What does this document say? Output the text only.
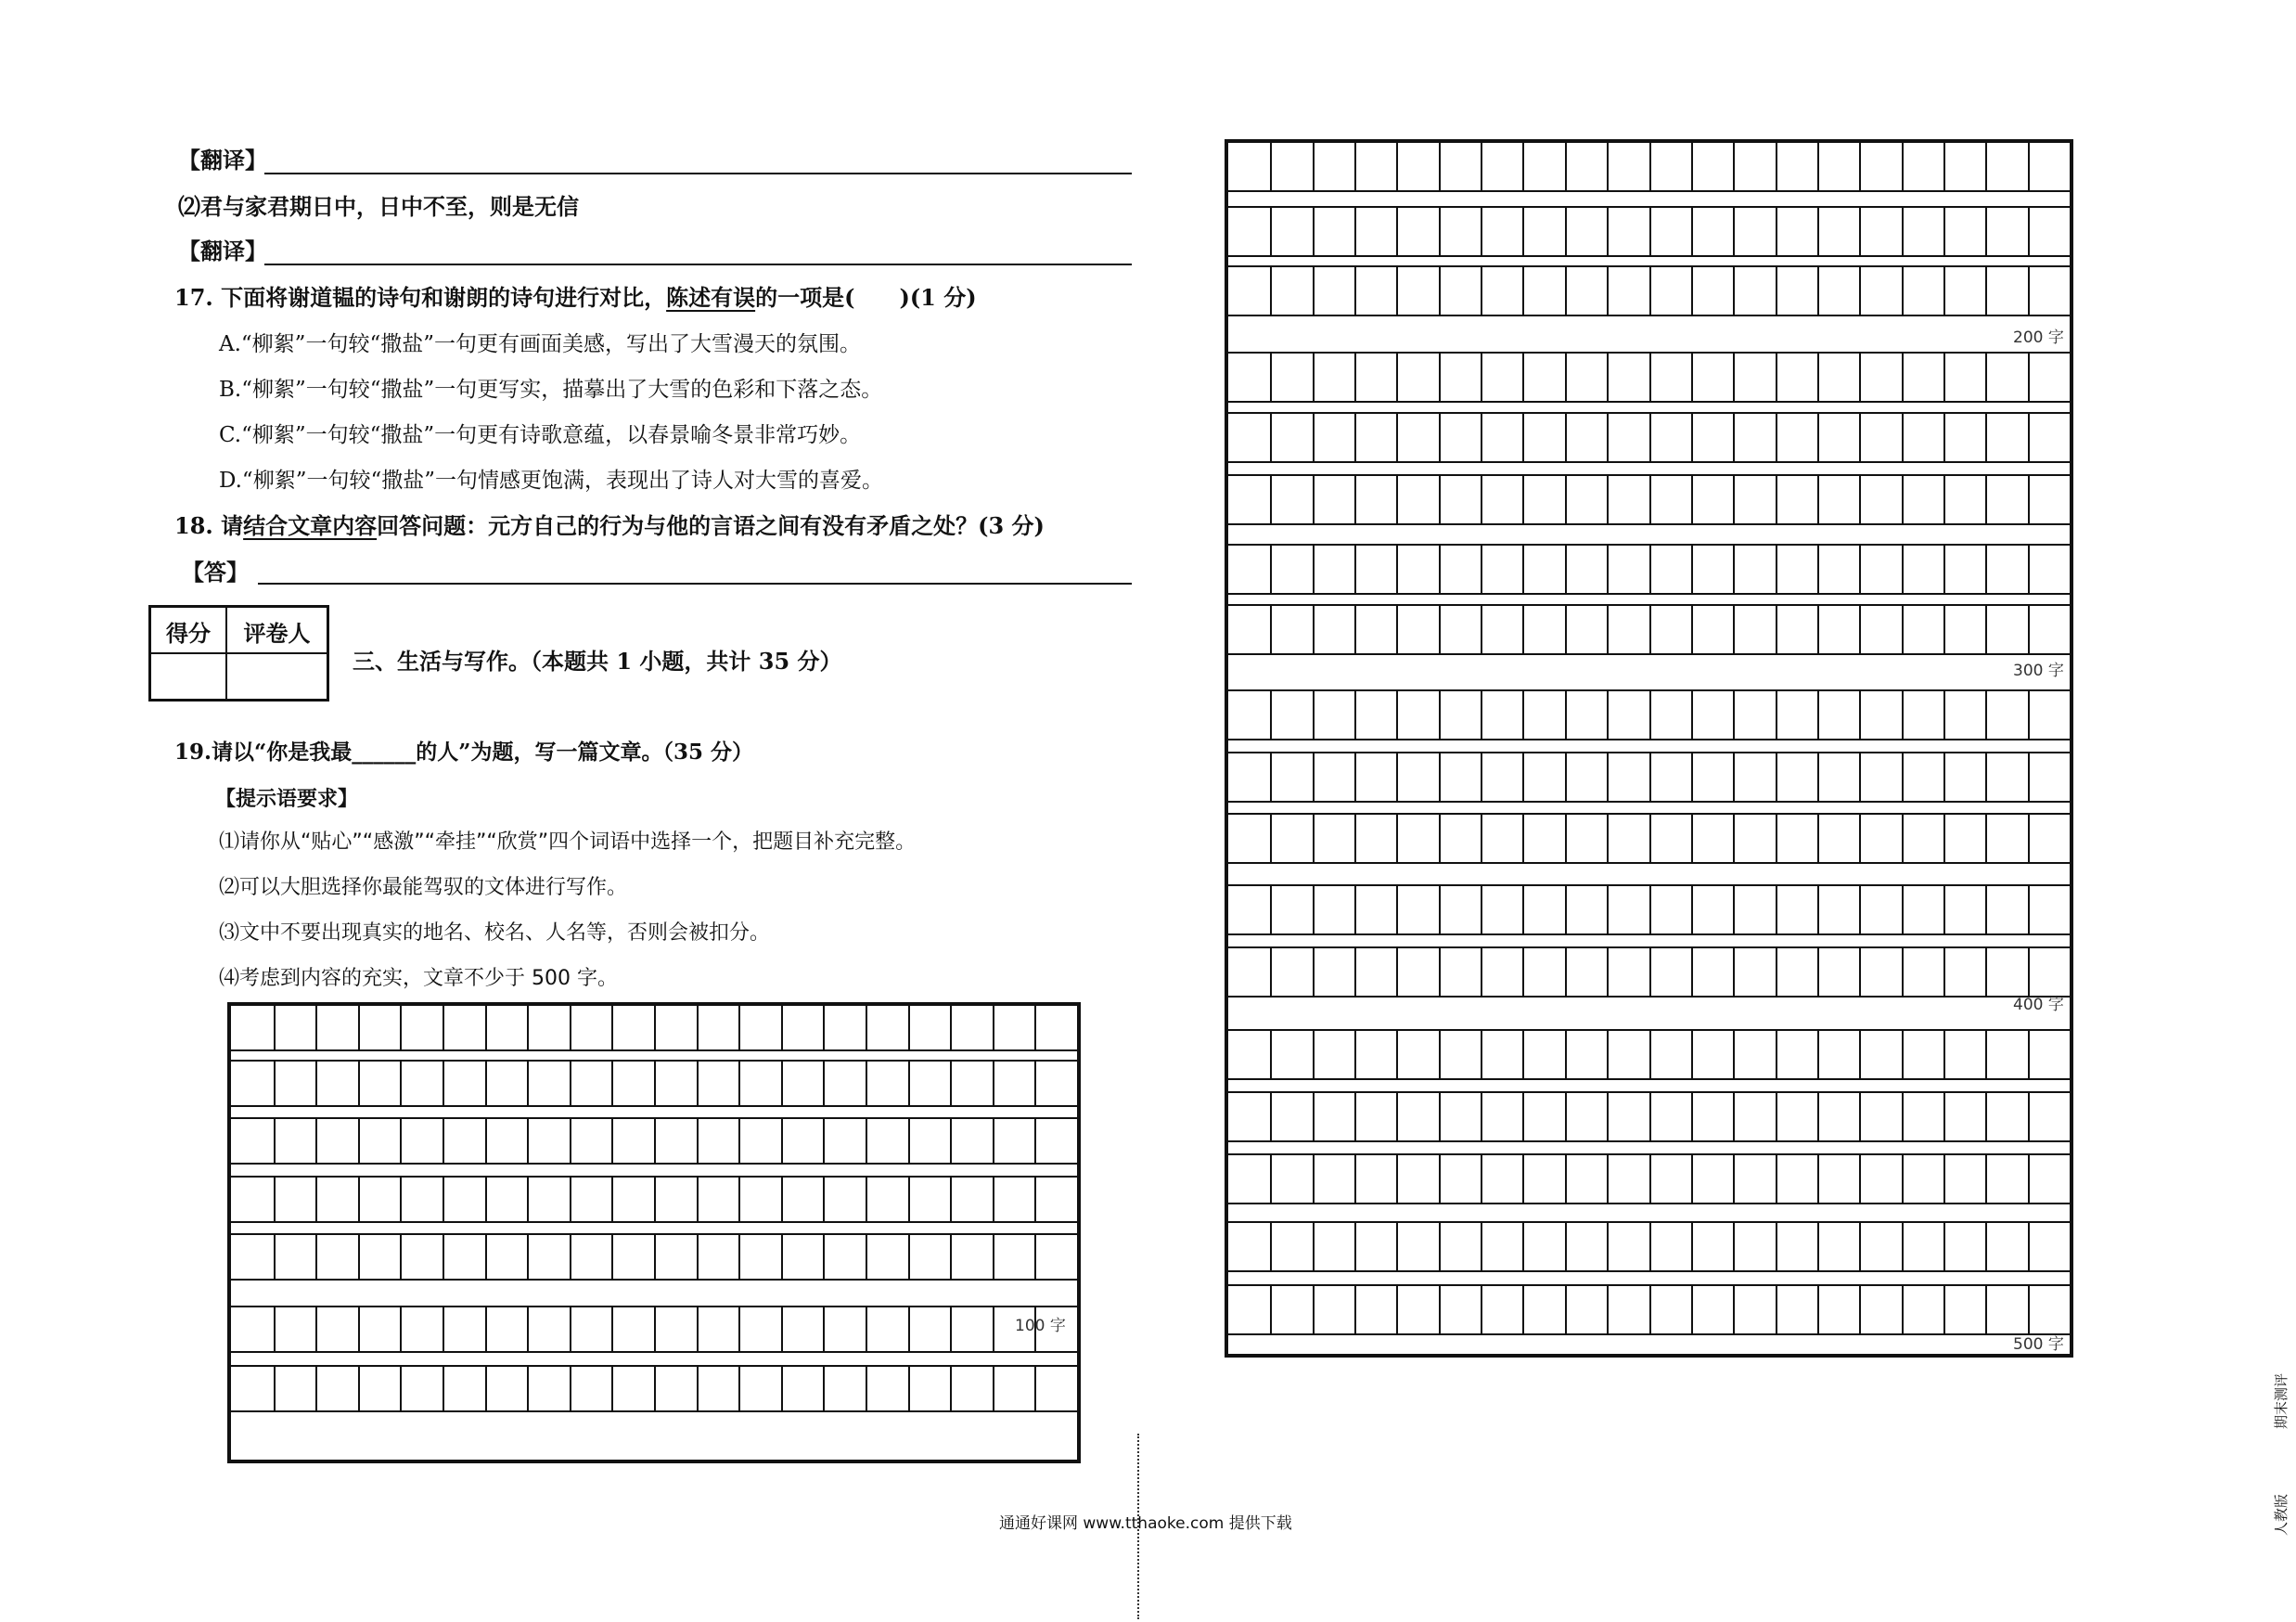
【翻译】
⑵君与家君期日中，日中不至，则是无信
【翻译】
17. 下面将谢道韫的诗句和谢朗的诗句进行对比，陈述有误的一项是(　　)(1 分)
A.“柳絮”一句较“撒盐”一句更有画面美感，写出了大雪漫天的氛围。
B.“柳絮”一句较“撒盐”一句更写实，描摹出了大雪的色彩和下落之态。
C.“柳絮”一句较“撒盐”一句更有诗歌意蕴，以春景喻冬景非常巧妙。
D.“柳絮”一句较“撒盐”一句情感更饱满，表现出了诗人对大雪的喜爱。
18. 请结合文章内容回答问题：元方自己的行为与他的言语之间有没有矛盾之处？(3 分)
【答】
得分	评卷人
三、生活与写作。（本题共 1 小题，共计 35 分）
19.请以“你是我最______的人”为题，写一篇文章。（35 分）
【提示语要求】
⑴请你从“贴心”“感激”“牵挂”“欣赏”四个词语中选择一个，把题目补充完整。
⑵可以大胆选择你最能驾驭的文体进行写作。
⑶文中不要出现真实的地名、校名、人名等，否则会被扣分。
⑷考虑到内容的充实，文章不少于 500 字。
100 字
200 字
300 字
400 字
500 字
通通好课网 www.tthaoke.com 提供下载
期末测评
人教版
